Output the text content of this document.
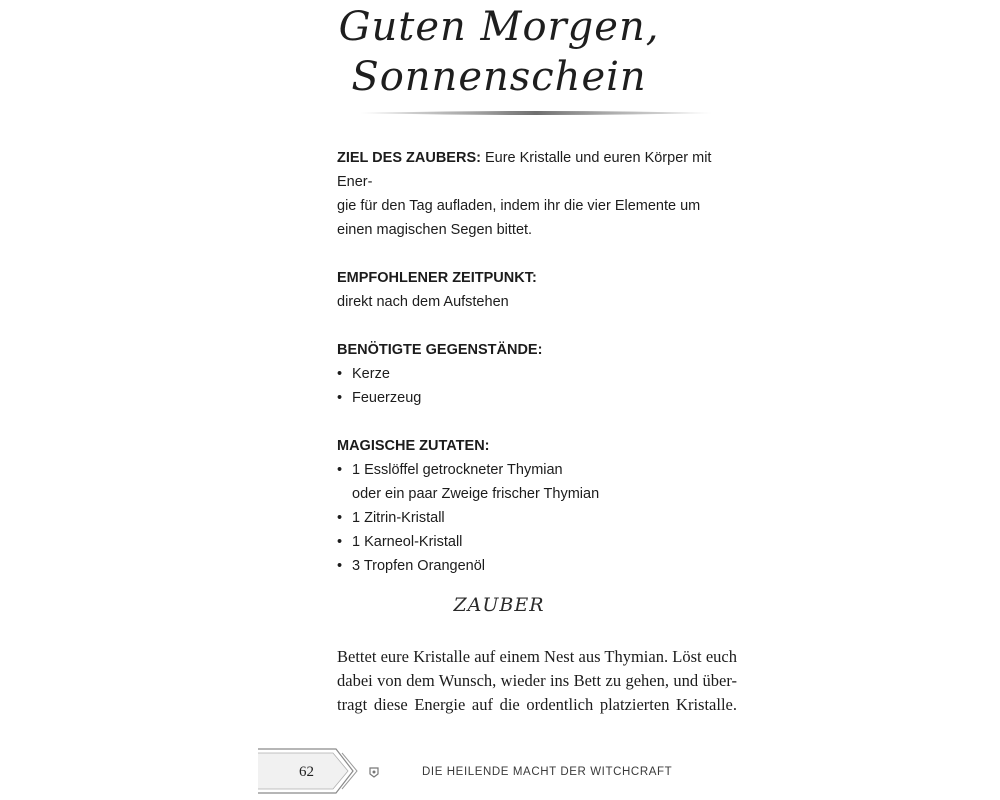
Guten Morgen,
Sonnenschein
ZIEL DES ZAUBERS: Eure Kristalle und euren Körper mit Ener-
gie für den Tag aufladen, indem ihr die vier Elemente um
einen magischen Segen bittet.
EMPFOHLENER ZEITPUNKT:
direkt nach dem Aufstehen
BENÖTIGTE GEGENSTÄNDE:
• Kerze
• Feuerzeug
MAGISCHE ZUTATEN:
• 1 Esslöffel getrockneter Thymian
oder ein paar Zweige frischer Thymian
• 1 Zitrin-Kristall
• 1 Karneol-Kristall
• 3 Tropfen Orangenöl
ZAUBER
Bettet eure Kristalle auf einem Nest aus Thymian. Löst euch
dabei von dem Wunsch, wieder ins Bett zu gehen, und über-
tragt diese Energie auf die ordentlich platzierten Kristalle.
62	DIE HEILENDE MACHT DER WITCHCRAFT
